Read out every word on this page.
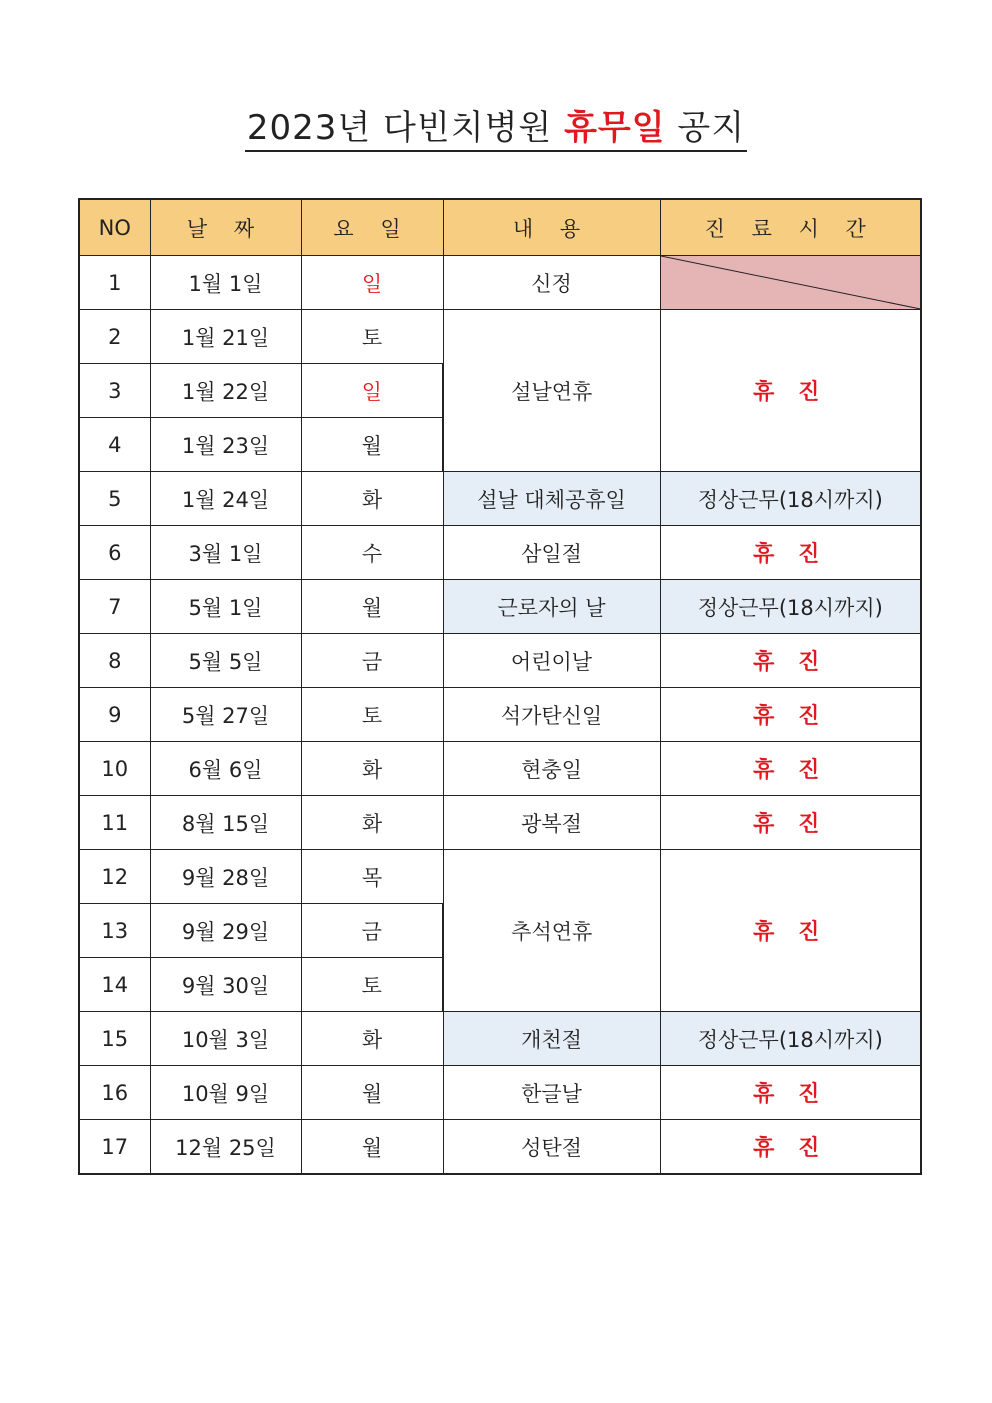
2023년 다빈치병원 휴무일 공지
NO	날 짜	요 일	내 용	진 료 시 간
1	1월 1일	일	신정	

2	1월 21일	토	설날연휴	휴 진
3	1월 22일	일		
4	1월 23일	월		
5	1월 24일	화	설날 대체공휴일	정상근무(18시까지)
6	3월 1일	수	삼일절	휴 진
7	5월 1일	월	근로자의 날	정상근무(18시까지)
8	5월 5일	금	어린이날	휴 진
9	5월 27일	토	석가탄신일	휴 진
10	6월 6일	화	현충일	휴 진
11	8월 15일	화	광복절	휴 진
12	9월 28일	목	추석연휴	휴 진
13	9월 29일	금		
14	9월 30일	토		
15	10월 3일	화	개천절	정상근무(18시까지)
16	10월 9일	월	한글날	휴 진
17	12월 25일	월	성탄절	휴 진
